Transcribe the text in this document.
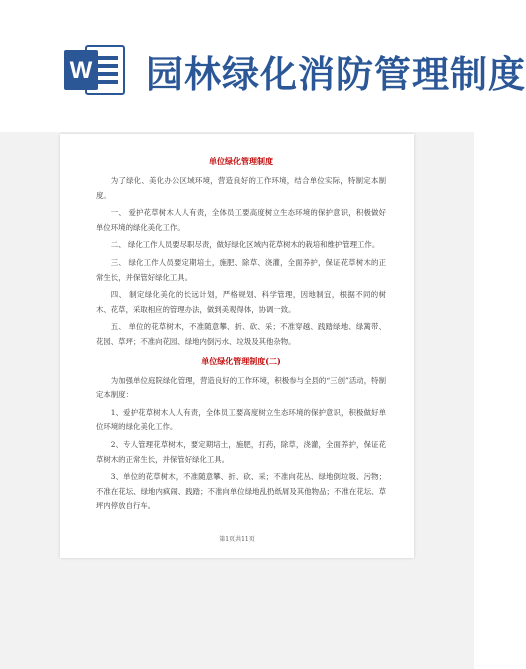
W 园林绿化消防管理制度
单位绿化管理制度

为了绿化、美化办公区域环境，营造良好的工作环境，结合单位实际，特制定本制度。

一、 爱护花草树木人人有责，全体员工要高度树立生态环境的保护意识，积极做好单位环境的绿化美化工作。

二、 绿化工作人员要尽职尽责，做好绿化区域内花草树木的栽培和维护管理工作。

三、 绿化工作人员要定期培土，施肥、除草、浇灌，全面养护，保证花草树木的正常生长，并保管好绿化工具。

四、 制定绿化美化的长远计划，严格规划、科学管理，因地制宜，根据不同的树木、花草，采取相应的管理办法，做到美观得体，协调一致。

五、 单位的花草树木，不准随意攀、折、砍、采；不准穿越、践踏绿地、绿篱带、花园、草坪；不准向花园、绿地内倒污水、垃圾及其他杂物。

单位绿化管理制度(二)

为加强单位庭院绿化管理，营造良好的工作环境，积极参与全县的“三创”活动，特制定本制度：

1、爱护花草树木人人有责，全体员工要高度树立生态环境的保护意识，积极做好单位环境的绿化美化工作。

2、专人管理花草树木，要定期培土，施肥，打药，除草，浇灌，全面养护，保证花草树木的正常生长，并保管好绿化工具。

3、单位的花草树木，不准随意攀、折、砍、采；不准向花丛、绿地倒垃圾、污物；不准在花坛、绿地内疯闹、践踏；不准向单位绿地乱扔纸屑及其他物品；不准在花坛、草坪内停放自行车。

第1页共11页
